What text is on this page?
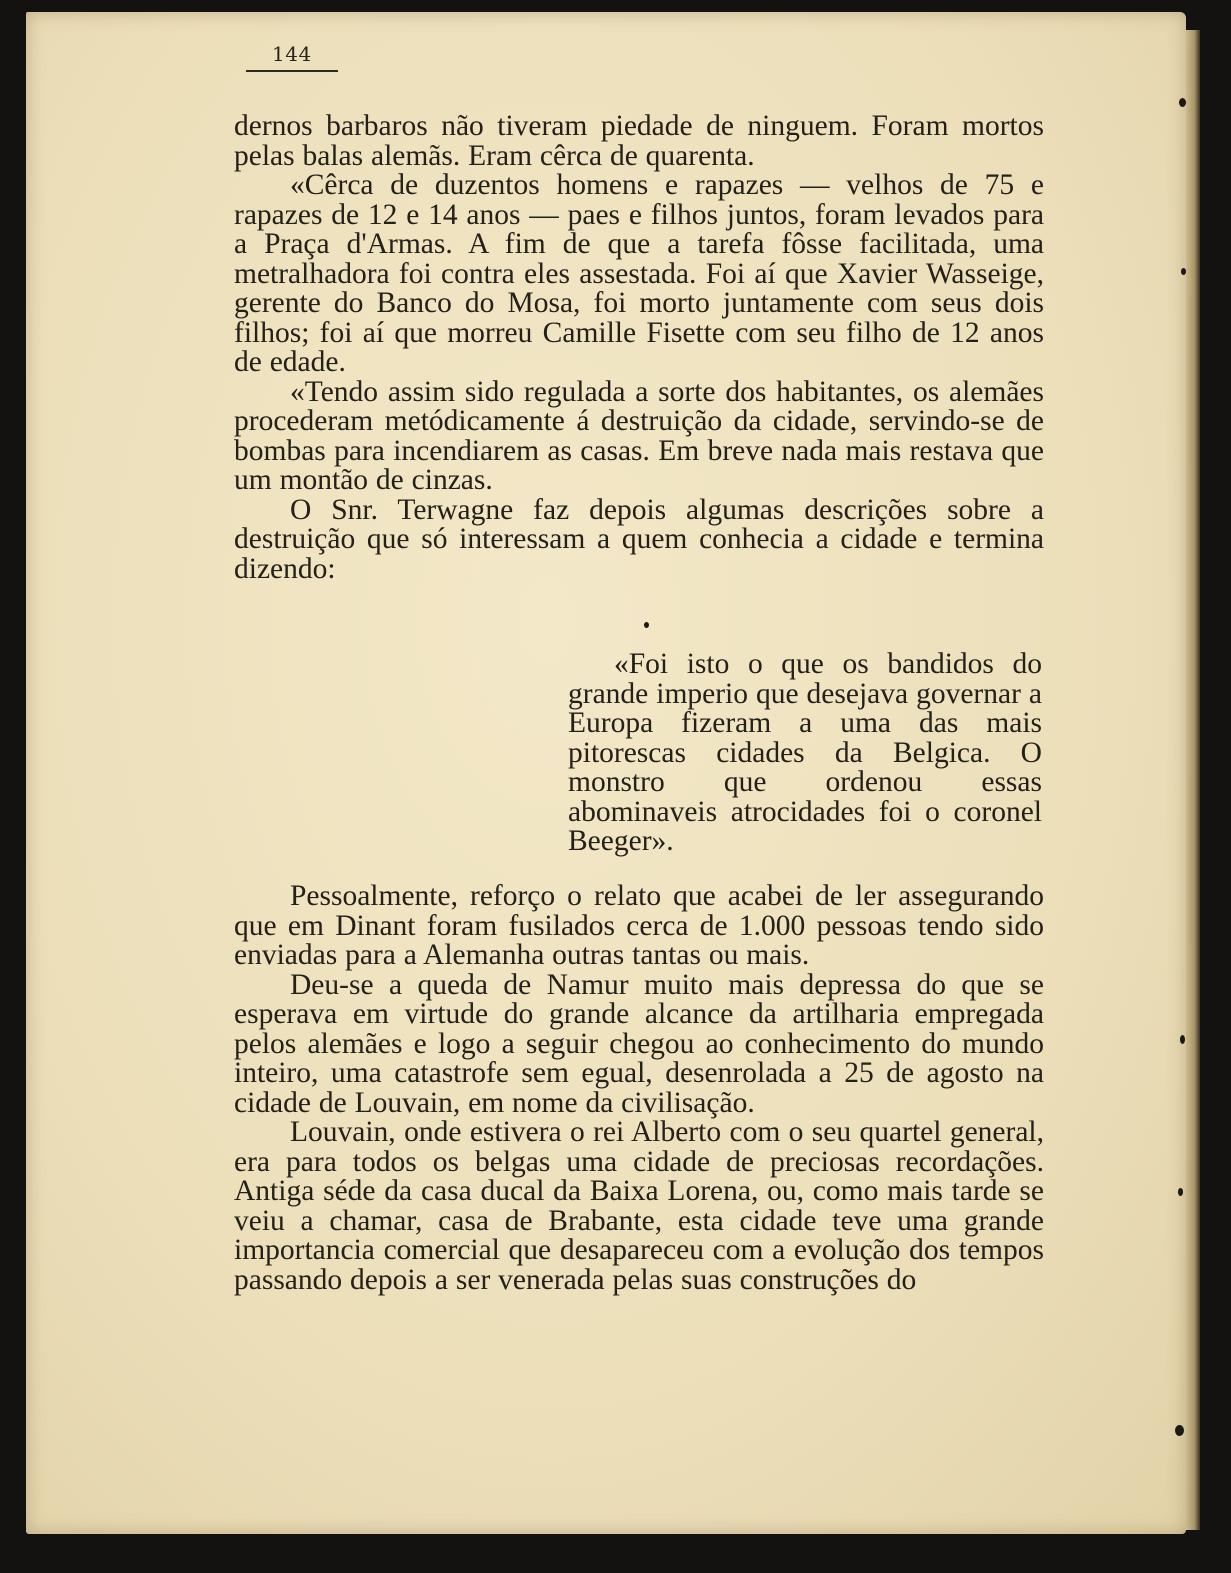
144

dernos barbaros não tiveram piedade de ninguem. Foram mortos pelas balas alemãs. Eram cêrca de quarenta.

«Cêrca de duzentos homens e rapazes — velhos de 75 e rapazes de 12 e 14 anos — paes e filhos juntos, foram levados para a Praça d'Armas. A fim de que a tarefa fôsse facilitada, uma metralhadora foi contra eles assestada. Foi aí que Xavier Wasseige, gerente do Banco do Mosa, foi morto juntamente com seus dois filhos; foi aí que morreu Camille Fisette com seu filho de 12 anos de edade.

«Tendo assim sido regulada a sorte dos habitantes, os alemães procederam metódicamente á destruição da cidade, servindo-se de bombas para incendiarem as casas. Em breve nada mais restava que um montão de cinzas.

O Snr. Terwagne faz depois algumas descrições sobre a destruição que só interessam a quem conhecia a cidade e termina dizendo:

«Foi isto o que os bandidos do grande imperio que desejava governar a Europa fizeram a uma das mais pitorescas cidades da Belgica. O monstro que ordenou essas abominaveis atrocidades foi o coronel Beeger».

Pessoalmente, reforço o relato que acabei de ler assegurando que em Dinant foram fusilados cerca de 1.000 pessoas tendo sido enviadas para a Alemanha outras tantas ou mais.

Deu-se a queda de Namur muito mais depressa do que se esperava em virtude do grande alcance da artilharia empregada pelos alemães e logo a seguir chegou ao conhecimento do mundo inteiro, uma catastrofe sem egual, desenrolada a 25 de agosto na cidade de Louvain, em nome da civilisação.

Louvain, onde estivera o rei Alberto com o seu quartel general, era para todos os belgas uma cidade de preciosas recordações. Antiga séde da casa ducal da Baixa Lorena, ou, como mais tarde se veiu a chamar, casa de Brabante, esta cidade teve uma grande importancia comercial que desapareceu com a evolução dos tempos passando depois a ser venerada pelas suas construções do
